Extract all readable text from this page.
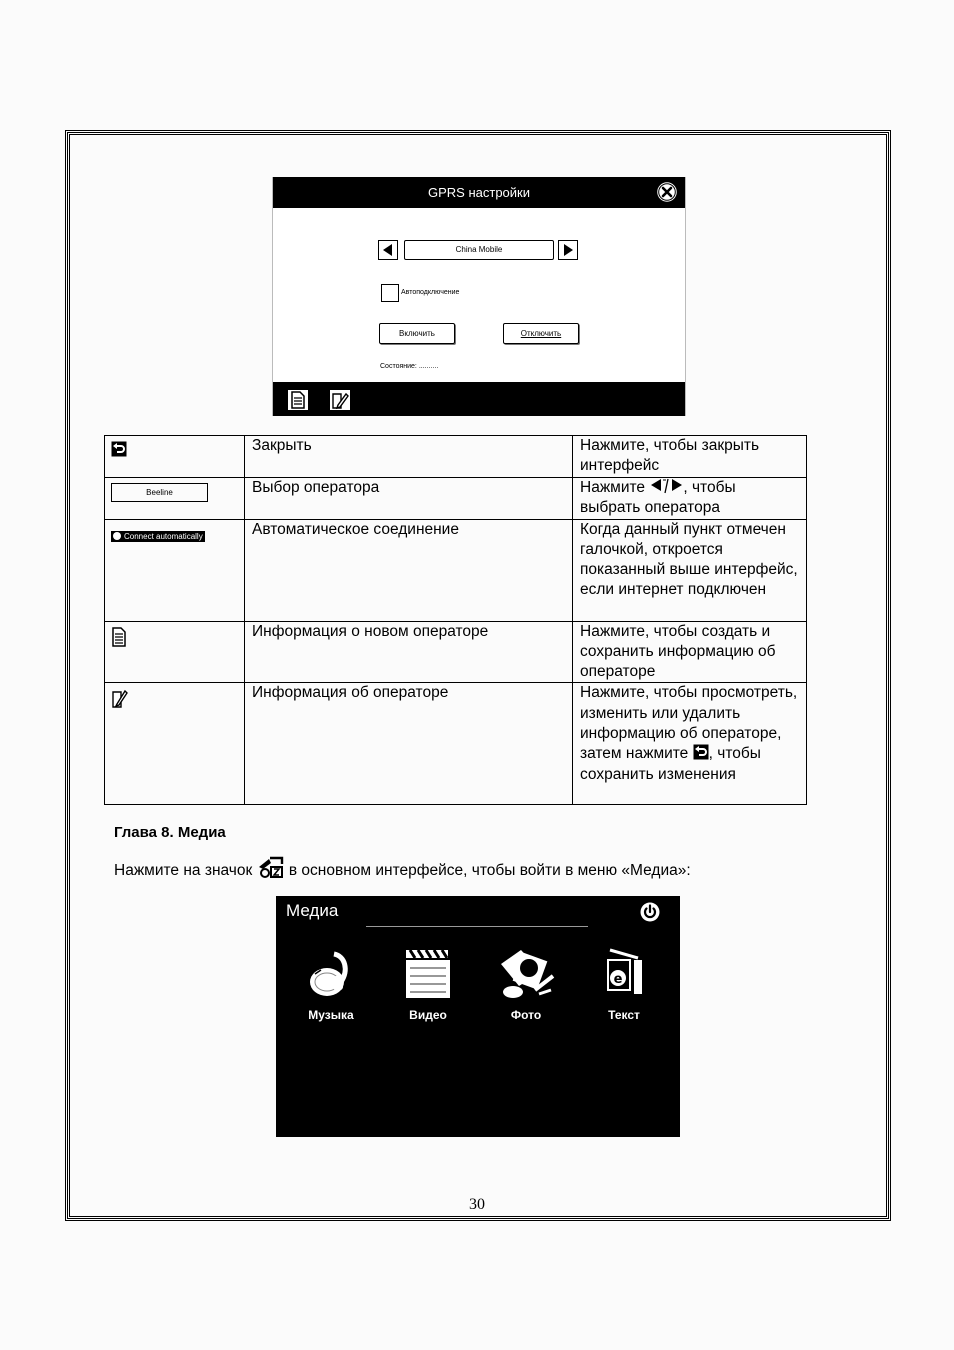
GPRS настройки
China Mobile
Автоподключение
Включить	Отключить
Состояние: ..........
	Закрыть	Нажмите, чтобы закрыть интерфейс

Beeline	Выбор оператора	Нажмите , чтобы выбрать оператора
Connect automatically	Автоматическое соединение	Когда данный пункт отмечен галочкой, откроется показанный выше интерфейс, если интернет подключен
	Информация о новом операторе	Нажмите, чтобы создать и сохранить информацию об операторе
	Информация об операторе	Нажмите, чтобы просмотреть, изменить или удалить информацию об операторе, затем нажмите , чтобы сохранить изменения
Глава 8. Медиа
Нажмите на значок в основном интерфейсе, чтобы войти в меню «Медиа»:
Медиа
Музыка	Видео	Фото
e
Текст
30
